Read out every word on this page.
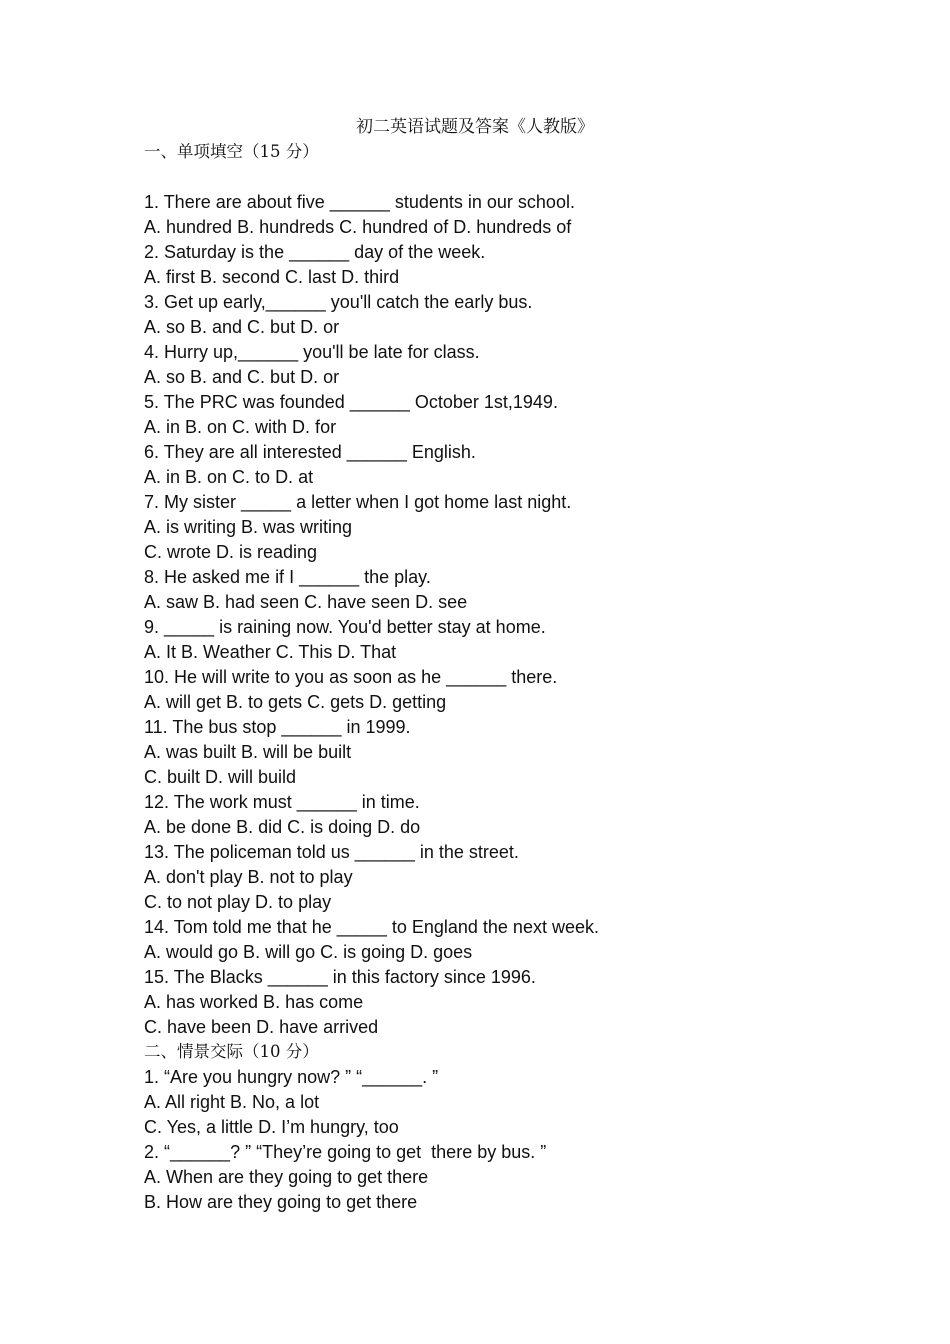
初二英语试题及答案《人教版》
一、单项填空（15 分）
1. There are about five ______ students in our school.
A. hundred B. hundreds C. hundred of D. hundreds of
2. Saturday is the ______ day of the week.
A. first B. second C. last D. third
3. Get up early,______ you'll catch the early bus.
A. so B. and C. but D. or
4. Hurry up,______ you'll be late for class.
A. so B. and C. but D. or
5. The PRC was founded ______ October 1st,1949.
A. in B. on C. with D. for
6. They are all interested ______ English.
A. in B. on C. to D. at
7. My sister _____ a letter when I got home last night.
A. is writing B. was writing
C. wrote D. is reading
8. He asked me if I ______ the play.
A. saw B. had seen C. have seen D. see
9. _____ is raining now. You'd better stay at home.
A. It B. Weather C. This D. That
10. He will write to you as soon as he ______ there.
A. will get B. to gets C. gets D. getting
11. The bus stop ______ in 1999.
A. was built B. will be built
C. built D. will build
12. The work must ______ in time.
A. be done B. did C. is doing D. do
13. The policeman told us ______ in the street.
A. don't play B. not to play
C. to not play D. to play
14. Tom told me that he _____ to England the next week.
A. would go B. will go C. is going D. goes
15. The Blacks ______ in this factory since 1996.
A. has worked B. has come
C. have been D. have arrived
二、情景交际（10 分）
1. “Are you hungry now? ” “______. ”
A. All right B. No, a lot
C. Yes, a little D. I’m hungry, too
2. “______? ” “They’re going to get  there by bus. ”
A. When are they going to get there
B. How are they going to get there
